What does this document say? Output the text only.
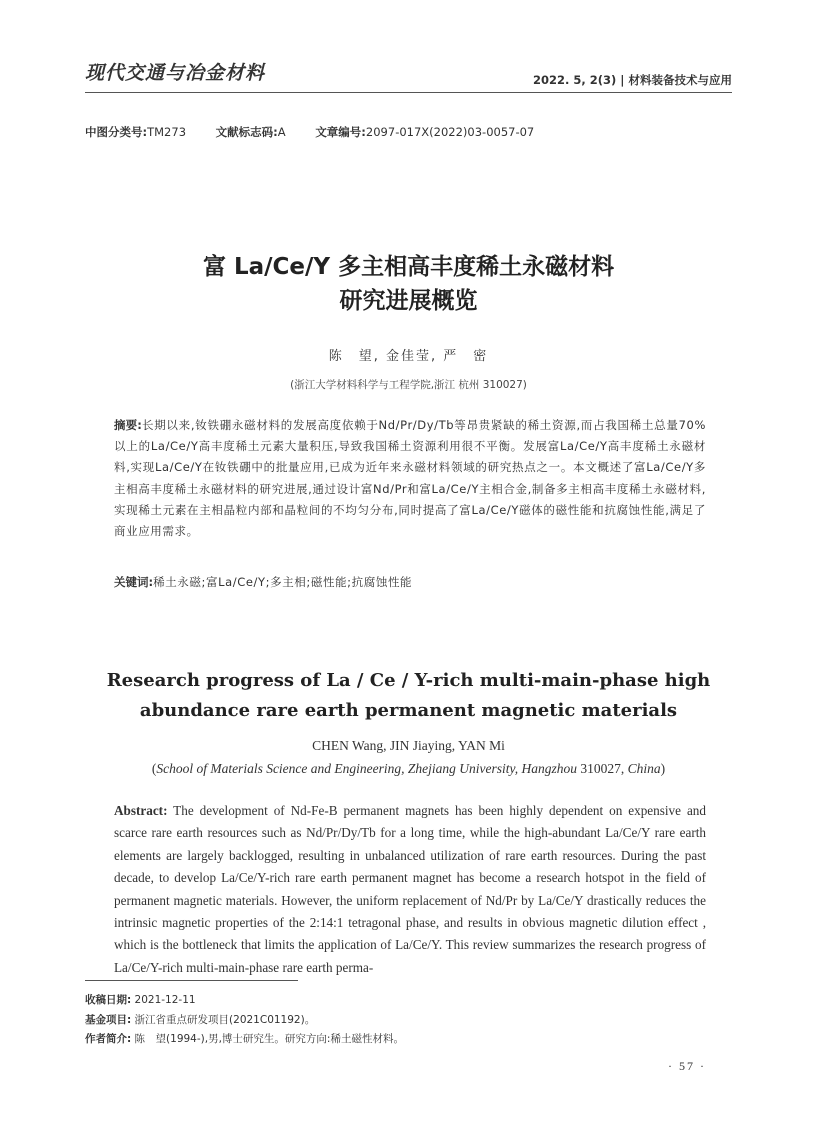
现代交通与冶金材料	2022. 5, 2(3) | 材料装备技术与应用
中图分类号:TM273	文献标志码:A	文章编号:2097-017X(2022)03-0057-07
富 La/Ce/Y 多主相高丰度稀土永磁材料
研究进展概览
陈　望, 金佳莹, 严　密
(浙江大学材料科学与工程学院,浙江 杭州 310027)
摘要:长期以来,钕铁硼永磁材料的发展高度依赖于Nd/Pr/Dy/Tb等昂贵紧缺的稀土资源,而占我国稀土总量70%以上的La/Ce/Y高丰度稀土元素大量积压,导致我国稀土资源利用很不平衡。发展富La/Ce/Y高丰度稀土永磁材料,实现La/Ce/Y在钕铁硼中的批量应用,已成为近年来永磁材料领域的研究热点之一。本文概述了富La/Ce/Y多主相高丰度稀土永磁材料的研究进展,通过设计富Nd/Pr和富La/Ce/Y主相合金,制备多主相高丰度稀土永磁材料,实现稀土元素在主相晶粒内部和晶粒间的不均匀分布,同时提高了富La/Ce/Y磁体的磁性能和抗腐蚀性能,满足了商业应用需求。
关键词:稀土永磁;富La/Ce/Y;多主相;磁性能;抗腐蚀性能
Research progress of La / Ce / Y-rich multi-main-phase high
abundance rare earth permanent magnetic materials
CHEN Wang, JIN Jiaying, YAN Mi
(School of Materials Science and Engineering, Zhejiang University, Hangzhou 310027, China)
Abstract: The development of Nd-Fe-B permanent magnets has been highly dependent on expensive and scarce rare earth resources such as Nd/Pr/Dy/Tb for a long time, while the high-abundant La/Ce/Y rare earth elements are largely backlogged, resulting in unbalanced utilization of rare earth resources. During the past decade, to develop La/Ce/Y-rich rare earth permanent magnet has become a research hotspot in the field of permanent magnetic materials. However, the uniform replacement of Nd/Pr by La/Ce/Y drastically reduces the intrinsic magnetic properties of the 2:14:1 tetragonal phase, and results in obvious magnetic dilution effect , which is the bottleneck that limits the application of La/Ce/Y. This review summarizes the research progress of La/Ce/Y-rich multi-main-phase rare earth perma-
收稿日期: 2021-12-11
基金项目: 浙江省重点研发项目(2021C01192)。
作者简介: 陈　望(1994-),男,博士研究生。研究方向:稀土磁性材料。
· 57 ·
